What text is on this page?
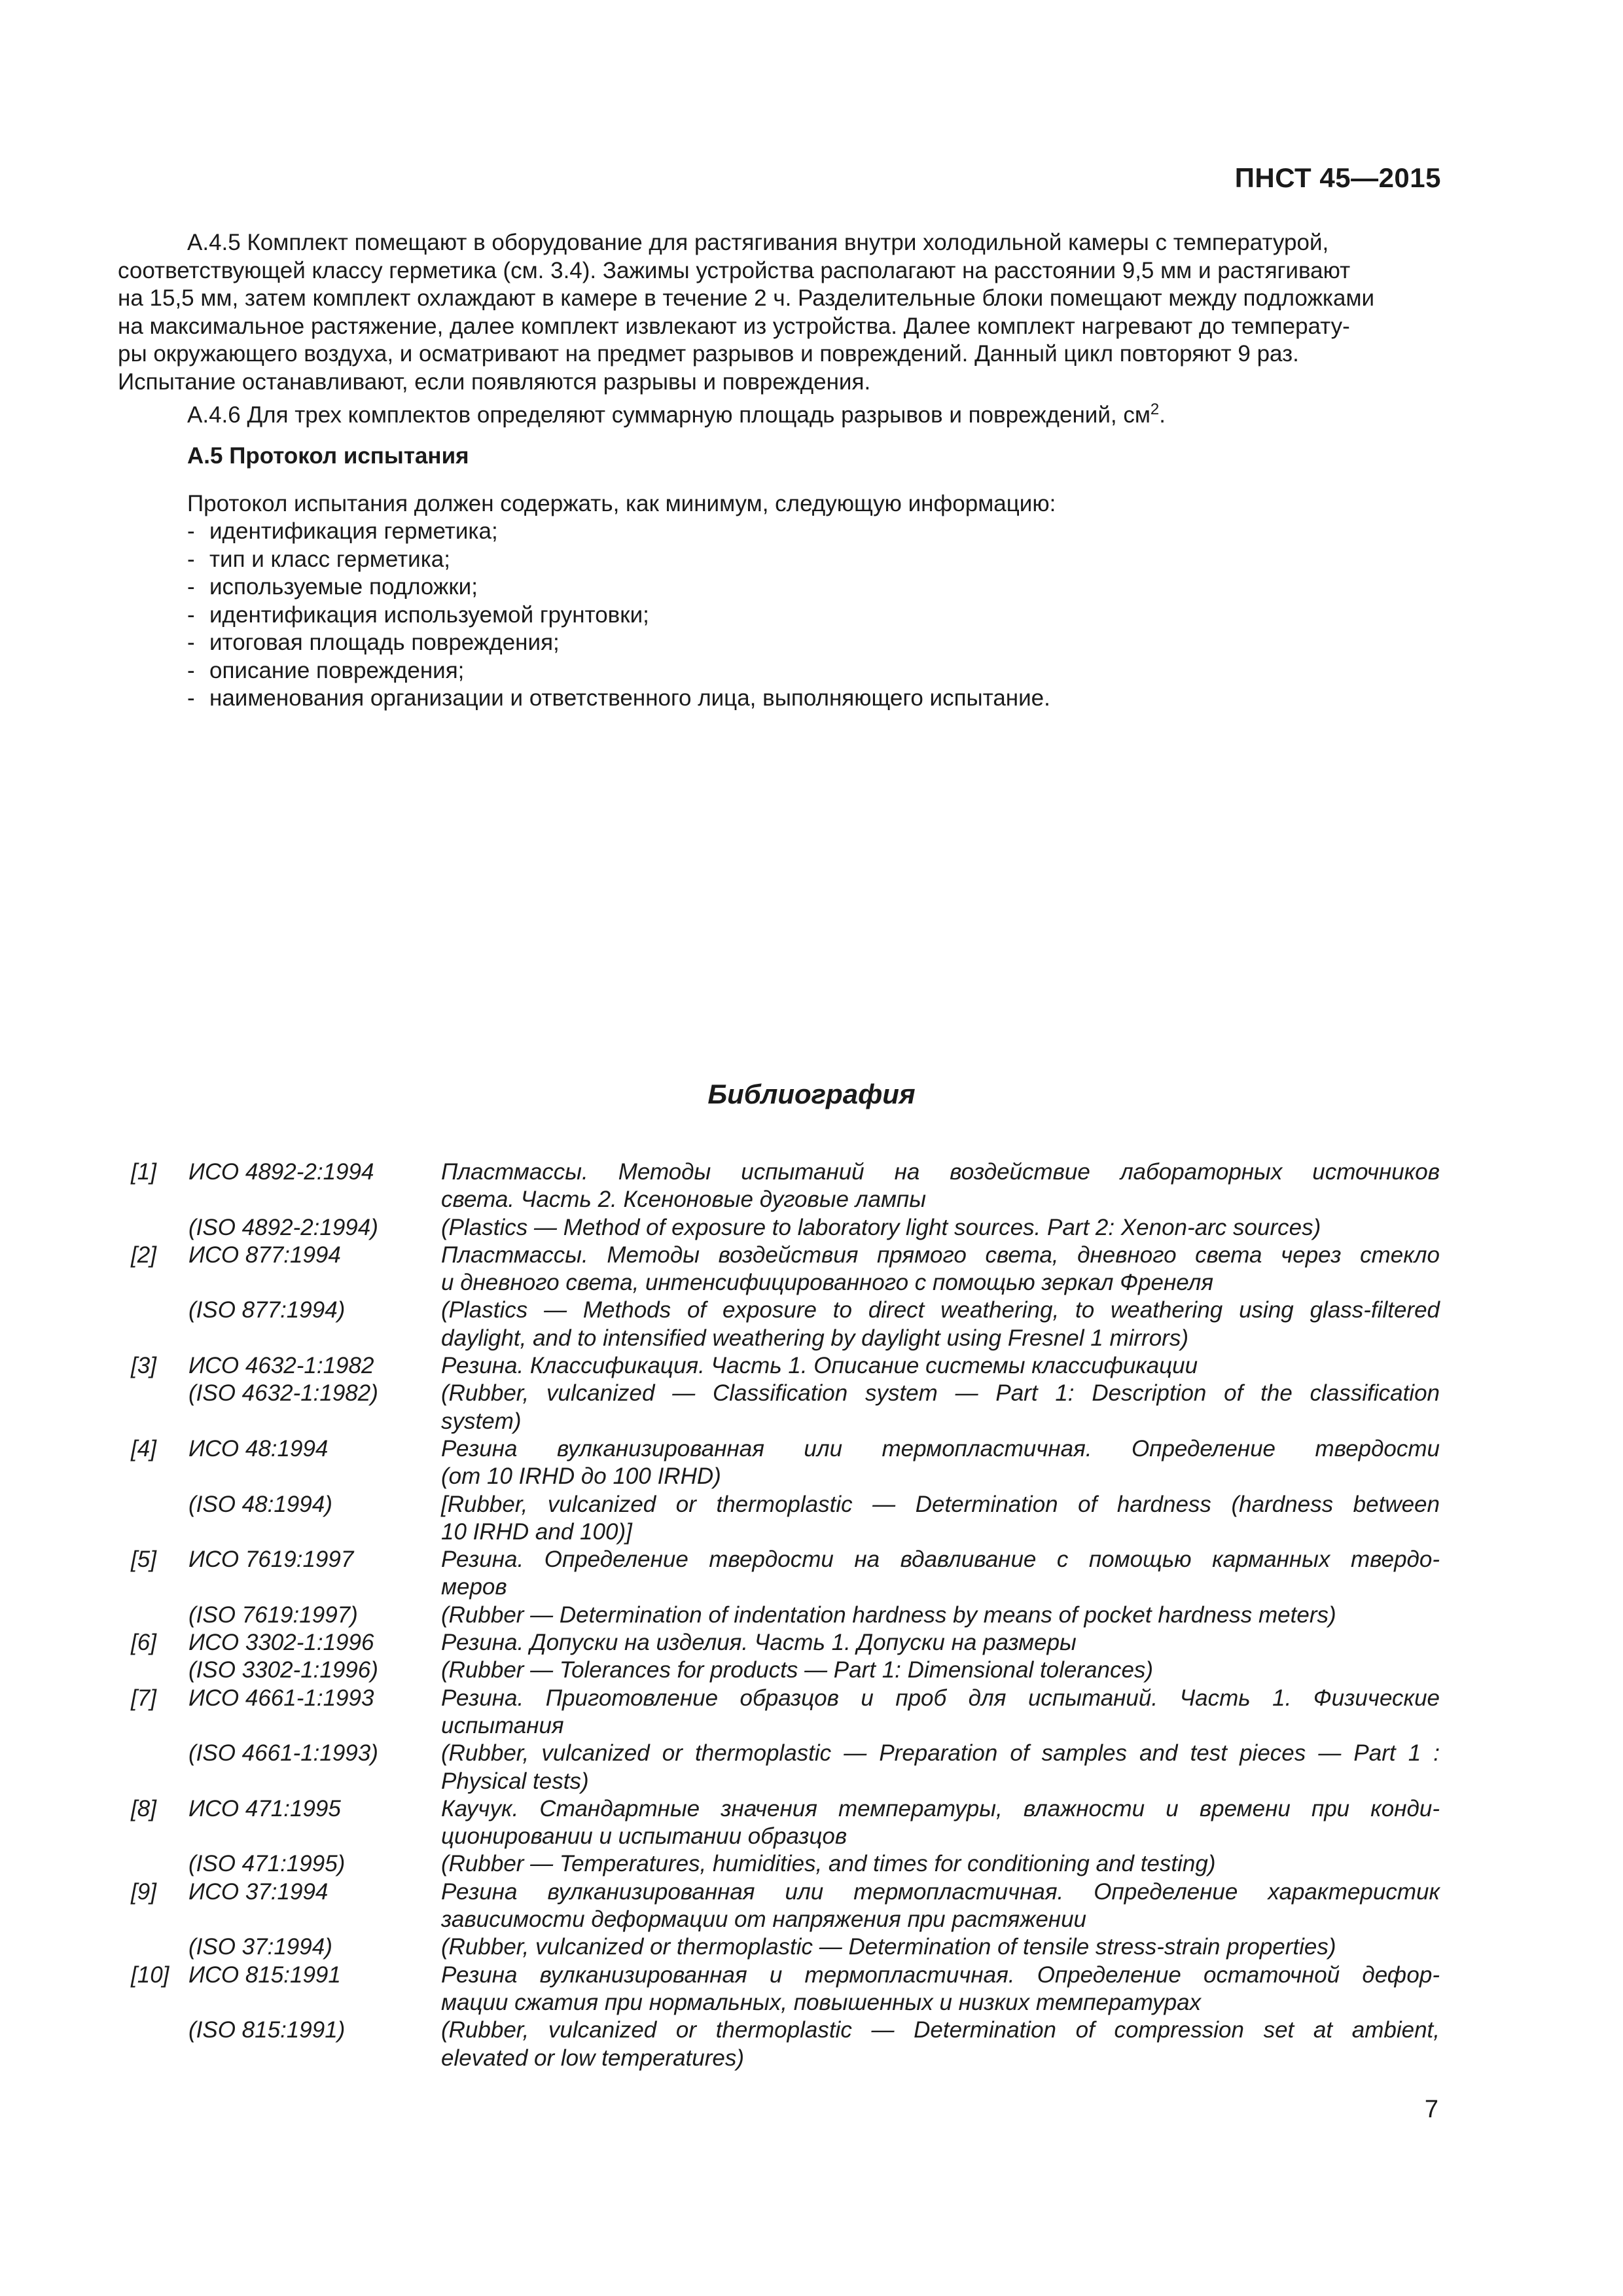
ПНСТ 45—2015
А.4.5 Комплект помещают в оборудование для растягивания внутри холодильной камеры с температурой,
соответствующей классу герметика (см. 3.4). Зажимы устройства располагают на расстоянии 9,5 мм и растягивают
на 15,5 мм, затем комплект охлаждают в камере в течение 2 ч. Разделительные блоки помещают между подложками
на максимальное растяжение, далее комплект извлекают из устройства. Далее комплект нагревают до температу-
ры окружающего воздуха, и осматривают на предмет разрывов и повреждений. Данный цикл повторяют 9 раз.
Испытание останавливают, если появляются разрывы и повреждения.
А.4.6 Для трех комплектов определяют суммарную площадь разрывов и повреждений, $см^2$.
А.5 Протокол испытания
Протокол испытания должен содержать, как минимум, следующую информацию:
- идентификация герметика;
- тип и класс герметика;
- используемые подложки;
- идентификация используемой грунтовки;
- итоговая площадь повреждения;
- описание повреждения;
- наименования организации и ответственного лица, выполняющего испытание.
Библиография
[1]	ИСО 4892-2:1994	Пластмассы. Методы испытаний на воздействие лабораторных источников
света. Часть 2. Ксеноновые дуговые лампы
(ISO 4892-2:1994)	(Plastics — Method of exposure to laboratory light sources. Part 2: Xenon-arc sources)
[2]	ИСО 877:1994	Пластмассы. Методы воздействия прямого света, дневного света через стекло
и дневного света, интенсифицированного с помощью зеркал Френеля
(ISO 877:1994)	(Plastics — Methods of exposure to direct weathering, to weathering using glass-filtered
daylight, and to intensified weathering by daylight using Fresnel 1 mirrors)
[3]	ИСО 4632-1:1982	Резина. Классификация. Часть 1. Описание системы классификации
(ISO 4632-1:1982)	(Rubber, vulcanized — Classification system — Part 1: Description of the classification
system)
[4]	ИСО 48:1994	Резина вулканизированная или термопластичная. Определение твердости
(от 10 IRHD до 100 IRHD)
(ISO 48:1994)	[Rubber, vulcanized or thermoplastic — Determination of hardness (hardness between
10 IRHD and 100)]
[5]	ИСО 7619:1997	Резина. Определение твердости на вдавливание с помощью карманных твердо-
меров
(ISO 7619:1997)	(Rubber — Determination of indentation hardness by means of pocket hardness meters)
[6]	ИСО 3302-1:1996	Резина. Допуски на изделия. Часть 1. Допуски на размеры
(ISO 3302-1:1996)	(Rubber — Tolerances for products — Part 1: Dimensional tolerances)
[7]	ИСО 4661-1:1993	Резина. Приготовление образцов и проб для испытаний. Часть 1. Физические
испытания
(ISO 4661-1:1993)	(Rubber, vulcanized or thermoplastic — Preparation of samples and test pieces — Part 1 :
Physical tests)
[8]	ИСО 471:1995	Каучук. Стандартные значения температуры, влажности и времени при конди-
ционировании и испытании образцов
(ISO 471:1995)	(Rubber — Temperatures, humidities, and times for conditioning and testing)
[9]	ИСО 37:1994	Резина вулканизированная или термопластичная. Определение характеристик
зависимости деформации от напряжения при растяжении
(ISO 37:1994)	(Rubber, vulcanized or thermoplastic — Determination of tensile stress-strain properties)
[10] ИСО 815:1991	Резина вулканизированная и термопластичная. Определение остаточной дефор-
мации сжатия при нормальных, повышенных и низких температурах
(ISO 815:1991)	(Rubber, vulcanized or thermoplastic — Determination of compression set at ambient,
elevated or low temperatures)
7
